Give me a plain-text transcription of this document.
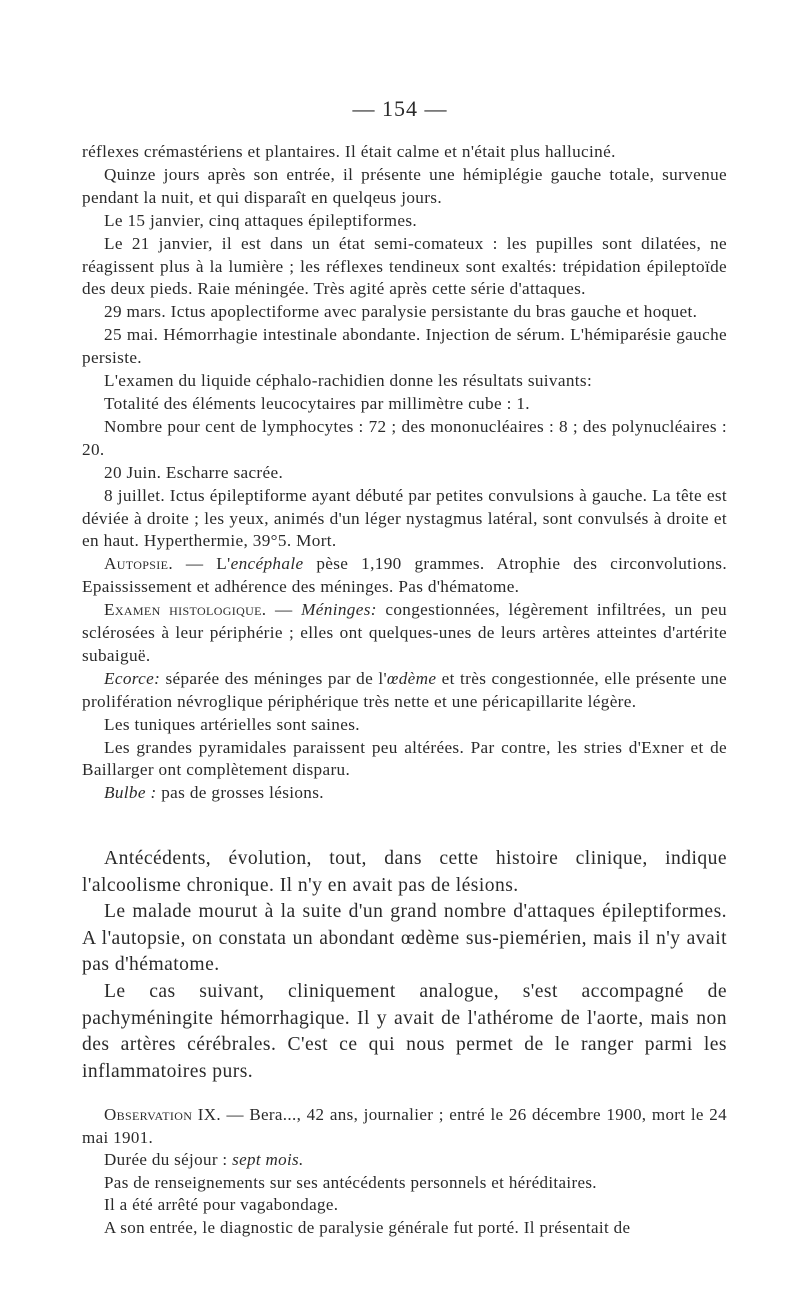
— 154 —

réflexes crémastériens et plantaires. Il était calme et n'était plus halluciné.

Quinze jours après son entrée, il présente une hémiplégie gauche totale, survenue pendant la nuit, et qui disparaît en quelqeus jours.

Le 15 janvier, cinq attaques épileptiformes.

Le 21 janvier, il est dans un état semi-comateux : les pupilles sont dilatées, ne réagissent plus à la lumière ; les réflexes tendineux sont exaltés: trépidation épileptoïde des deux pieds. Raie méningée. Très agité après cette série d'attaques.

29 mars. Ictus apoplectiforme avec paralysie persistante du bras gauche et hoquet.

25 mai. Hémorrhagie intestinale abondante. Injection de sérum. L'hémiparésie gauche persiste.

L'examen du liquide céphalo-rachidien donne les résultats suivants:

Totalité des éléments leucocytaires par millimètre cube : 1.

Nombre pour cent de lymphocytes : 72 ; des mononucléaires : 8 ; des polynucléaires : 20.

20 Juin. Escharre sacrée.

8 juillet. Ictus épileptiforme ayant débuté par petites convulsions à gauche. La tête est déviée à droite ; les yeux, animés d'un léger nystagmus latéral, sont convulsés à droite et en haut. Hyperthermie, 39°5. Mort.

Autopsie. — L'encéphale pèse 1,190 grammes. Atrophie des circonvolutions. Epaississement et adhérence des méninges. Pas d'hématome.

Examen histologique. — Méninges: congestionnées, légèrement infiltrées, un peu sclérosées à leur périphérie ; elles ont quelques-unes de leurs artères atteintes d'artérite subaiguë.

Ecorce: séparée des méninges par de l'œdème et très congestionnée, elle présente une prolifération névroglique périphérique très nette et une péricapillarite légère.

Les tuniques artérielles sont saines.

Les grandes pyramidales paraissent peu altérées. Par contre, les stries d'Exner et de Baillarger ont complètement disparu.

Bulbe : pas de grosses lésions.

Antécédents, évolution, tout, dans cette histoire clinique, indique l'alcoolisme chronique. Il n'y en avait pas de lésions.

Le malade mourut à la suite d'un grand nombre d'attaques épileptiformes. A l'autopsie, on constata un abondant œdème sus-piemérien, mais il n'y avait pas d'hématome.

Le cas suivant, cliniquement analogue, s'est accompagné de pachyméningite hémorrhagique. Il y avait de l'athérome de l'aorte, mais non des artères cérébrales. C'est ce qui nous permet de le ranger parmi les inflammatoires purs.

Observation IX. — Bera..., 42 ans, journalier ; entré le 26 décembre 1900, mort le 24 mai 1901.

Durée du séjour : sept mois.

Pas de renseignements sur ses antécédents personnels et héréditaires.

Il a été arrêté pour vagabondage.

A son entrée, le diagnostic de paralysie générale fut porté. Il présentait de
